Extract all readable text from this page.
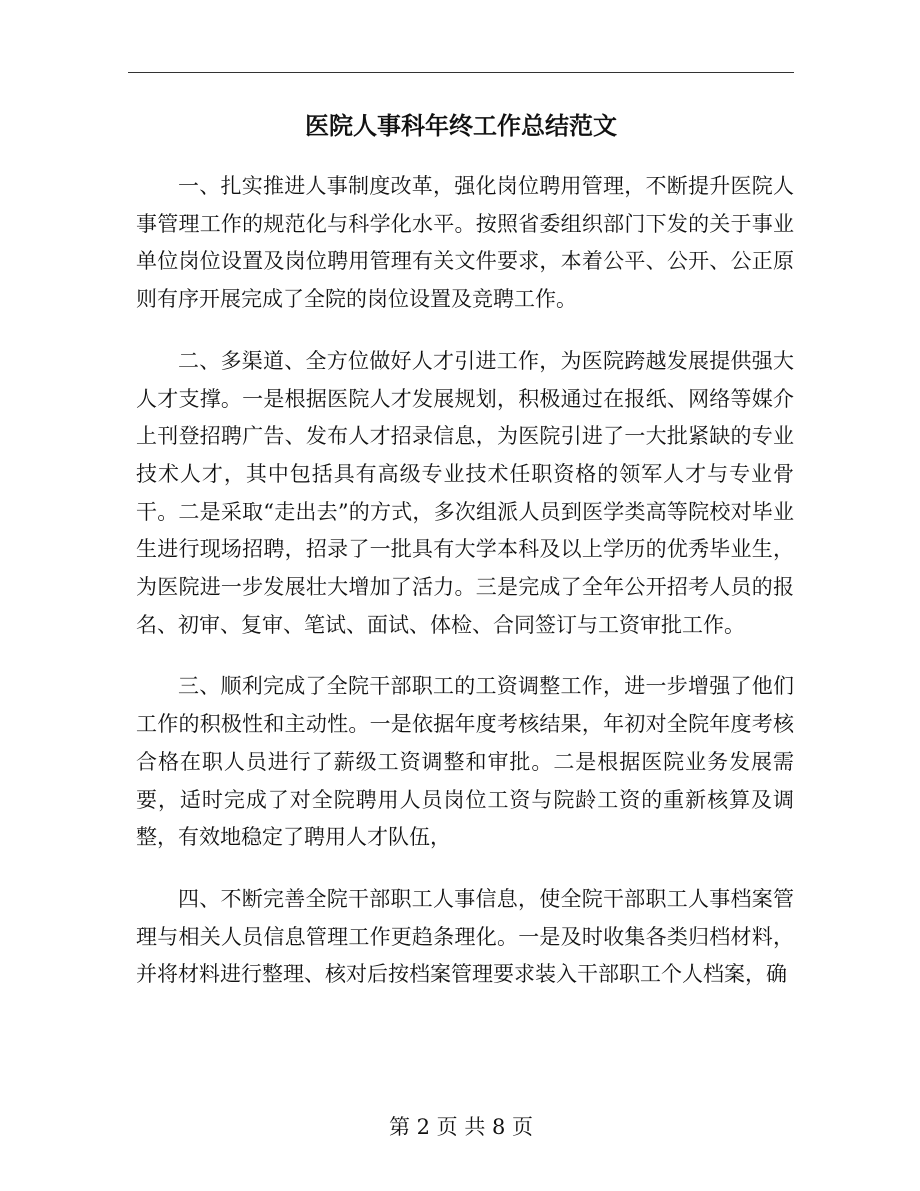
医院人事科年终工作总结范文

一、扎实推进人事制度改革，强化岗位聘用管理，不断提升医院人事管理工作的规范化与科学化水平。按照省委组织部门下发的关于事业单位岗位设置及岗位聘用管理有关文件要求，本着公平、公开、公正原则有序开展完成了全院的岗位设置及竞聘工作。

二、多渠道、全方位做好人才引进工作，为医院跨越发展提供强大人才支撑。一是根据医院人才发展规划，积极通过在报纸、网络等媒介上刊登招聘广告、发布人才招录信息，为医院引进了一大批紧缺的专业技术人才，其中包括具有高级专业技术任职资格的领军人才与专业骨干。二是采取“走出去”的方式，多次组派人员到医学类高等院校对毕业生进行现场招聘，招录了一批具有大学本科及以上学历的优秀毕业生，为医院进一步发展壮大增加了活力。三是完成了全年公开招考人员的报名、初审、复审、笔试、面试、体检、合同签订与工资审批工作。

三、顺利完成了全院干部职工的工资调整工作，进一步增强了他们工作的积极性和主动性。一是依据年度考核结果，年初对全院年度考核合格在职人员进行了薪级工资调整和审批。二是根据医院业务发展需要，适时完成了对全院聘用人员岗位工资与院龄工资的重新核算及调整，有效地稳定了聘用人才队伍，

四、不断完善全院干部职工人事信息，使全院干部职工人事档案管理与相关人员信息管理工作更趋条理化。一是及时收集各类归档材料，并将材料进行整理、核对后按档案管理要求装入干部职工个人档案，确

第 2 页 共 8 页
